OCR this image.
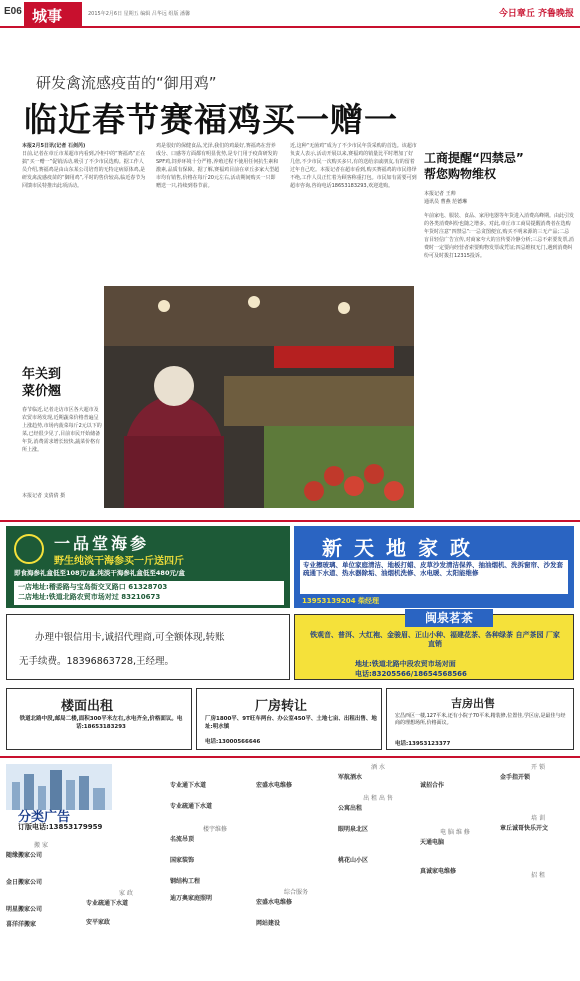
E06 城事	2015年2月6日 星期五 编辑 吕华远 组版 潘馨	今日章丘 齐鲁晚报
研发禽流感疫苗的“御用鸡”
临近春节赛福鸡买一赠一
本报2月5日讯(记者 石剑芮)
日前,记者在章丘市某超市内看到,冷柜中的“赛福鸡”正在搞“买一赠一”促销活动,吸引了不少市民选购。据工作人员介绍,赛福鸡是由山东某公司培育的无特定病原体鸡,是研发禽流感疫苗的“御用鸡”,平时的售价较高,临近春节为回馈市民特推出此项活动。
鸡是很好的保健食品,光泽,我们的鸡最好,赛福鸡在营养成分、口感等方面都有明显优势,是专门用于疫苗研发的SPF鸡,饲养环境十分严格,养殖过程不使用任何抗生素和激素,品质有保障。据了解,赛福鸡目前在章丘多家大型超市均有销售,价格在每斤20元左右,活动期间购买一只即赠送一只,持续到春节前。
近,这种“无菌鸡”成为了不少市民年货采购的首选。该超市负责人表示,活动开展以来,赛福鸡的销量比平时增加了好几倍,不少市民一次购买多只,有的送给亲戚朋友,有的留着过年自己吃。本报记者在超市看到,购买赛福鸡的市民络绎不绝,工作人员正忙着为顾客称重打包。市民如有需要可到超市咨询,咨询电话18653183293,欢迎选购。
工商提醒“四禁忌”
帮您购物维权
本报记者 王帅
通讯员 曹燕 范德琳
年前家电、服装、食品、家用电器等年货进入消费高峰期。由此引发的各类消费纠纷也随之增多。对此,章丘市工商局提醒消费者在选购年货时注意“四禁忌”:一忌贪图便宜,购买不明来源的三无产品;二忌盲目轻信广告宣传,对商家夸大的宣传要冷静分析;三忌不索要发票,消费时一定要向经营者索要购物发票或凭证;四忌维权无门,遇到消费纠纷可及时拨打12315投诉。
年关到
菜价翘
春节临近,记者走访市区各大超市及农贸市场发现,近期蔬菜价格普遍呈上涨趋势,市场内菠菜每斤2元以下的菜,已经很少见了,目前市民开始储备年货,消费需求增长较快,蔬菜价格有所上涨。
本报记者 支倩倩 摄
一品堂海参
野生纯淡干海参买一斤送四斤
即食海参礼盒低至108元/盒,纯淡干海参礼盒低至480元/盒
一店地址:稽委路与宝岛街交叉路口 61328703
二店地址:铁道北路农贸市场对过 83210673
新天地家政
专业擦玻璃、单位家庭清洁、地板打蜡、皮草沙发清洁保养、抽油烟机、洗拆窗帘、沙发套 疏通下水道、热水器除垢、油烟机洗修、水电暖、太阳能维修
13953139204 柴经理
办理中银信用卡,诚招代理商,可全额体现,转账
无手续费。18396863728,王经理。
闽泉茗茶
铁观音、普洱、大红袍、金骏眉、正山小种、福建花茶、各种绿茶 自产茶园 厂家直销
地址:铁道北路中段农贸市场对面
电话:83205566/18654568566
楼面出租
铁道北路中段,邮局二楼,面积300平米左右,水电齐全,价格面议。电话:18653183293
厂房转让
厂房1800平、9T旺车两台、办公室450平、土地七亩、出租出售、地址:明水镇
电话:13000566646
吉房出售
宏昌西区一楼,127平米,还有小院子70平米,精装修,位置佳,学区房,是最佳与经商的理想场所,价格面议。
电话:13953123377
分类广告
订版电话:13853179959
搬 家
随缘搬家公司
金日搬家公司
明星搬家公司
喜洋洋搬家
家 政
专业疏通下水道
安平家政
专业通下水道
专业疏通下水道
楼宇维修
名流吊顶
国家装饰
钢结构工程
迪万奥家庭照明
宏盛水电维修
综合服务
宏盛水电维修
网站建设
酒 水
军航酒水
出 租 出 售
公寓出租
眼明泉北区
桃花山小区
诚招合作
电 脑 维 修
天通电脑
真诚家电维修
开 锁
金手指开锁
培 训
章丘诚哥快乐开文
招 租
